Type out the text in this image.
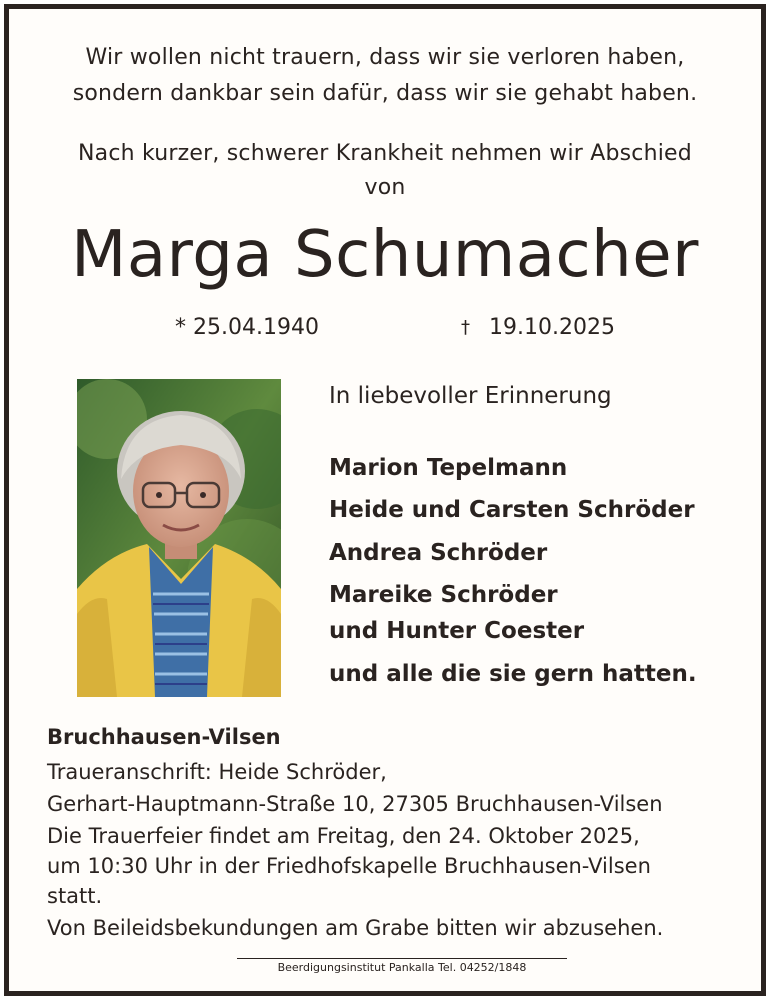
Wir wollen nicht trauern, dass wir sie verloren haben,
sondern dankbar sein dafür, dass wir sie gehabt haben.
Nach kurzer, schwerer Krankheit nehmen wir Abschied
von
Marga Schumacher
* 25.04.1940	† 19.10.2025
In liebevoller Erinnerung
Marion Tepelmann
Heide und Carsten Schröder
Andrea Schröder
Mareike Schröder
und Hunter Coester
und alle die sie gern hatten.
Bruchhausen-Vilsen
Traueranschrift: Heide Schröder,
Gerhart-Hauptmann-Straße 10, 27305 Bruchhausen-Vilsen
Die Trauerfeier findet am Freitag, den 24. Oktober 2025,
um 10:30 Uhr in der Friedhofskapelle Bruchhausen-Vilsen
statt.
Von Beileidsbekundungen am Grabe bitten wir abzusehen.
Beerdigungsinstitut Pankalla Tel. 04252/1848
